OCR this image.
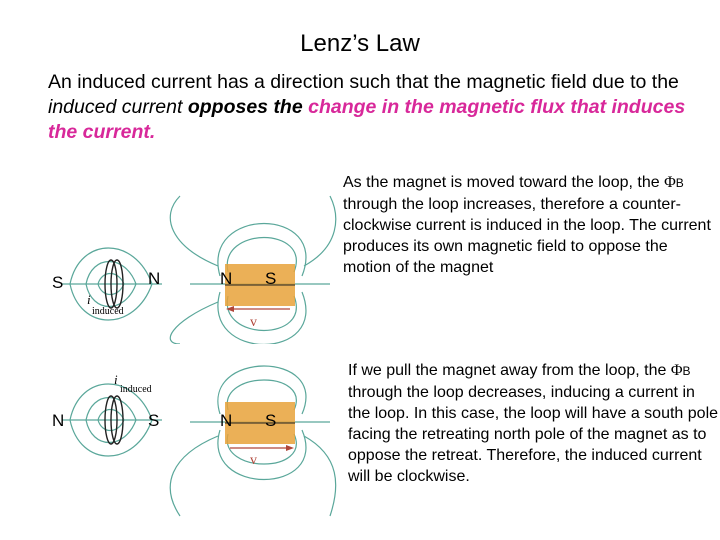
Lenz’s Law
An induced current has a direction such that the magnetic field due to the induced current opposes the change in the magnetic flux that induces the current.
v
S	N	N S
i
induced
v
N	S	N S
i
induced
As the magnet is moved toward the loop, the ΦB through the loop increases, therefore a counter-clockwise current is induced in the loop. The current produces its own magnetic field to oppose the motion of the magnet
If we pull the magnet away from the loop, the ΦB through the loop decreases, inducing a current in the loop. In this case, the loop will have a south pole facing the retreating north pole of the magnet as to oppose the retreat. Therefore, the induced current will be clockwise.
